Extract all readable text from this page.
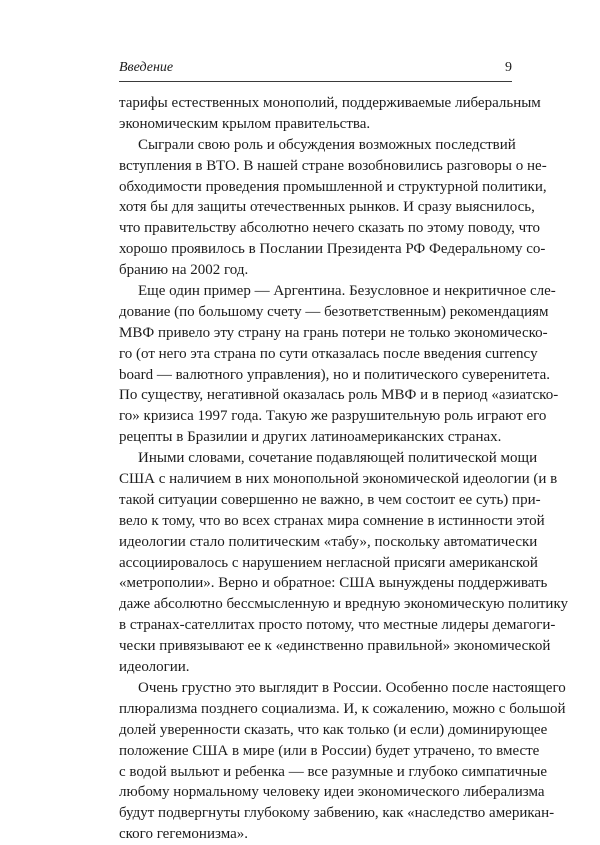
Введение	9
тарифы естественных монополий, поддерживаемые либеральным
экономическим крылом правительства.
Сыграли свою роль и обсуждения возможных последствий
вступления в ВТО. В нашей стране возобновились разговоры о не-
обходимости проведения промышленной и структурной политики,
хотя бы для защиты отечественных рынков. И сразу выяснилось,
что правительству абсолютно нечего сказать по этому поводу, что
хорошо проявилось в Послании Президента РФ Федеральному со-
бранию на 2002 год.
Еще один пример — Аргентина. Безусловное и некритичное сле-
дование (по большому счету — безответственным) рекомендациям
МВФ привело эту страну на грань потери не только экономическо-
го (от него эта страна по сути отказалась после введения currency
board — валютного управления), но и политического суверенитета.
По существу, негативной оказалась роль МВФ и в период «азиатско-
го» кризиса 1997 года. Такую же разрушительную роль играют его
рецепты в Бразилии и других латиноамериканских странах.
Иными словами, сочетание подавляющей политической мощи
США с наличием в них монопольной экономической идеологии (и в
такой ситуации совершенно не важно, в чем состоит ее суть) при-
вело к тому, что во всех странах мира сомнение в истинности этой
идеологии стало политическим «табу», поскольку автоматически
ассоциировалось с нарушением негласной присяги американской
«метрополии». Верно и обратное: США вынуждены поддерживать
даже абсолютно бессмысленную и вредную экономическую политику
в странах-сателлитах просто потому, что местные лидеры демагоги-
чески привязывают ее к «единственно правильной» экономической
идеологии.
Очень грустно это выглядит в России. Особенно после настоящего
плюрализма позднего социализма. И, к сожалению, можно с большой
долей уверенности сказать, что как только (и если) доминирующее
положение США в мире (или в России) будет утрачено, то вместе
с водой выльют и ребенка — все разумные и глубоко симпатичные
любому нормальному человеку идеи экономического либерализма
будут подвергнуты глубокому забвению, как «наследство американ-
ского гегемонизма».
